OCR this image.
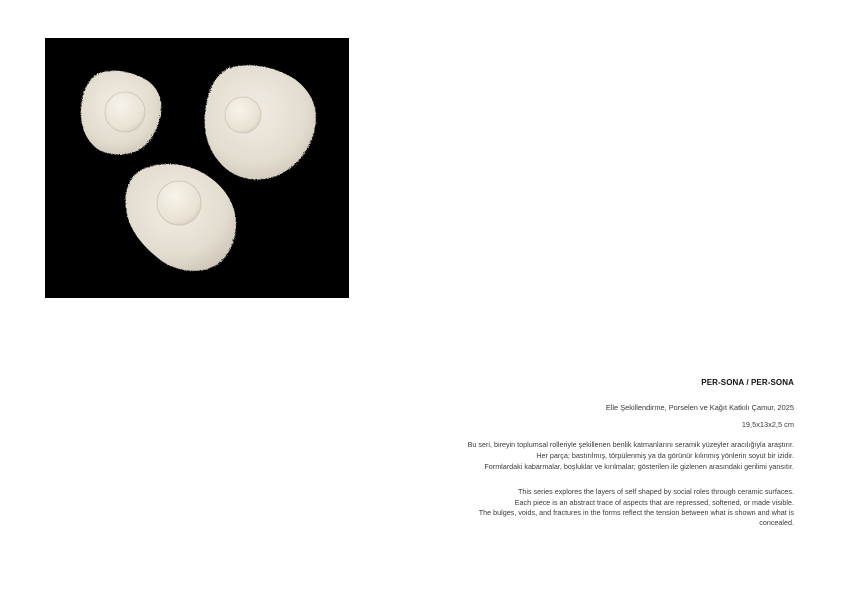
PER-SONA / PER-SONA

Elle Şekillendirme, Porselen ve Kağıt Katkılı Çamur, 2025

19,5x13x2,5 cm

Bu seri, bireyin toplumsal rolleriyle şekillenen benlik katmanlarını seramik yüzeyler aracılığıyla araştırır.
Her parça; bastırılmış, törpülenmiş ya da görünür kılınmış yönlerin soyut bir izidir.
Formlardaki kabarmalar, boşluklar ve kırılmalar; gösterilen ile gizlenen arasındaki gerilimi yansıtır.

This series explores the layers of self shaped by social roles through ceramic surfaces.
Each piece is an abstract trace of aspects that are repressed, softened, or made visible.
The bulges, voids, and fractures in the forms reflect the tension between what is shown and what is
concealed.
